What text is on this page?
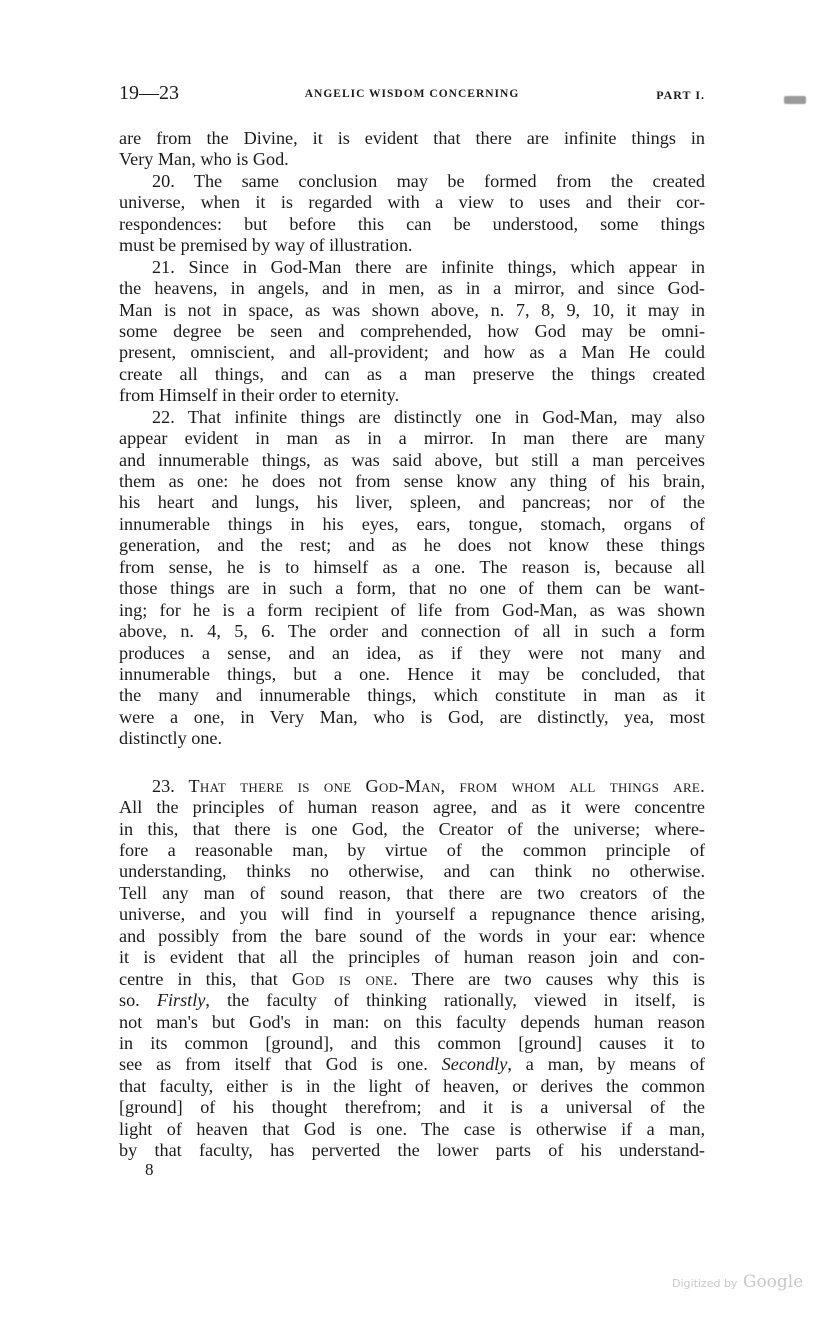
19—23	ANGELIC WISDOM CONCERNING	PART I.
are from the Divine, it is evident that there are infinite things in
Very Man, who is God.
20. The same conclusion may be formed from the created
universe, when it is regarded with a view to uses and their cor-
respondences: but before this can be understood, some things
must be premised by way of illustration.
21. Since in God-Man there are infinite things, which appear in
the heavens, in angels, and in men, as in a mirror, and since God-
Man is not in space, as was shown above, n. 7, 8, 9, 10, it may in
some degree be seen and comprehended, how God may be omni-
present, omniscient, and all-provident; and how as a Man He could
create all things, and can as a man preserve the things created
from Himself in their order to eternity.
22. That infinite things are distinctly one in God-Man, may also
appear evident in man as in a mirror. In man there are many
and innumerable things, as was said above, but still a man perceives
them as one: he does not from sense know any thing of his brain,
his heart and lungs, his liver, spleen, and pancreas; nor of the
innumerable things in his eyes, ears, tongue, stomach, organs of
generation, and the rest; and as he does not know these things
from sense, he is to himself as a one. The reason is, because all
those things are in such a form, that no one of them can be want-
ing; for he is a form recipient of life from God-Man, as was shown
above, n. 4, 5, 6. The order and connection of all in such a form
produces a sense, and an idea, as if they were not many and
innumerable things, but a one. Hence it may be concluded, that
the many and innumerable things, which constitute in man as it
were a one, in Very Man, who is God, are distinctly, yea, most
distinctly one.
23. That there is one God-Man, from whom all things are.
All the principles of human reason agree, and as it were concentre
in this, that there is one God, the Creator of the universe; where-
fore a reasonable man, by virtue of the common principle of
understanding, thinks no otherwise, and can think no otherwise.
Tell any man of sound reason, that there are two creators of the
universe, and you will find in yourself a repugnance thence arising,
and possibly from the bare sound of the words in your ear: whence
it is evident that all the principles of human reason join and con-
centre in this, that God is one. There are two causes why this is
so. Firstly, the faculty of thinking rationally, viewed in itself, is
not man's but God's in man: on this faculty depends human reason
in its common [ground], and this common [ground] causes it to
see as from itself that God is one. Secondly, a man, by means of
that faculty, either is in the light of heaven, or derives the common
[ground] of his thought therefrom; and it is a universal of the
light of heaven that God is one. The case is otherwise if a man,
by that faculty, has perverted the lower parts of his understand-
8
Digitized by Google
